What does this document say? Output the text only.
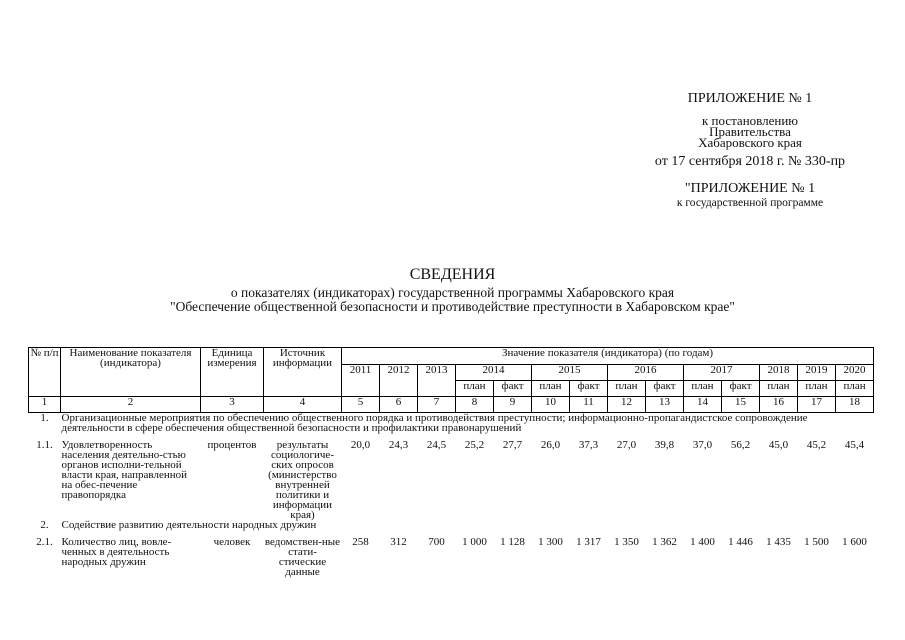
ПРИЛОЖЕНИЕ № 1
к постановлению
Правительства
Хабаровского края
от 17 сентября 2018 г. № 330-пр
"ПРИЛОЖЕНИЕ № 1
к государственной программе
СВЕДЕНИЯ
о показателях (индикаторах) государственной программы Хабаровского края
"Обеспечение общественной безопасности и противодействие преступности в Хабаровском крае"
№ п/п	Наименование показателя (индикатора)	Единица измерения	Источник информации	Значение показателя (индикатора) (по годам)													
				2011	2012	2013	2014		2015		2016		2017		2018	2019	2020
							план	факт	план	факт	план	факт	план	факт	план	план	план
1	2	3	4	5	6	7	8	9	10	11	12	13	14	15	16	17	18
1.	Организационные мероприятия по обеспечению общественного порядка и противодействия преступности; информационно-пропагандистское сопровождение деятельности в сфере обеспечения общественной безопасности и профилактики правонарушений																

1.1.	Удовлетворенность населения деятельно-стью органов исполни-тельной власти края, направленной на обес-печение правопорядка	процентов	результаты социологиче-ских опросов (министерство внутренней политики и информации края)	20,0	24,3	24,5	25,2	27,7	26,0	37,3	27,0	39,8	37,0	56,2	45,0	45,2	45,4
2.	Содействие развитию деятельности народных дружин																

2.1.	Количество лиц, вовле-ченных в деятельность народных дружин	человек	ведомствен-ные стати-стические данные	258	312	700	1 000	1 128	1 300	1 317	1 350	1 362	1 400	1 446	1 435	1 500	1 600
